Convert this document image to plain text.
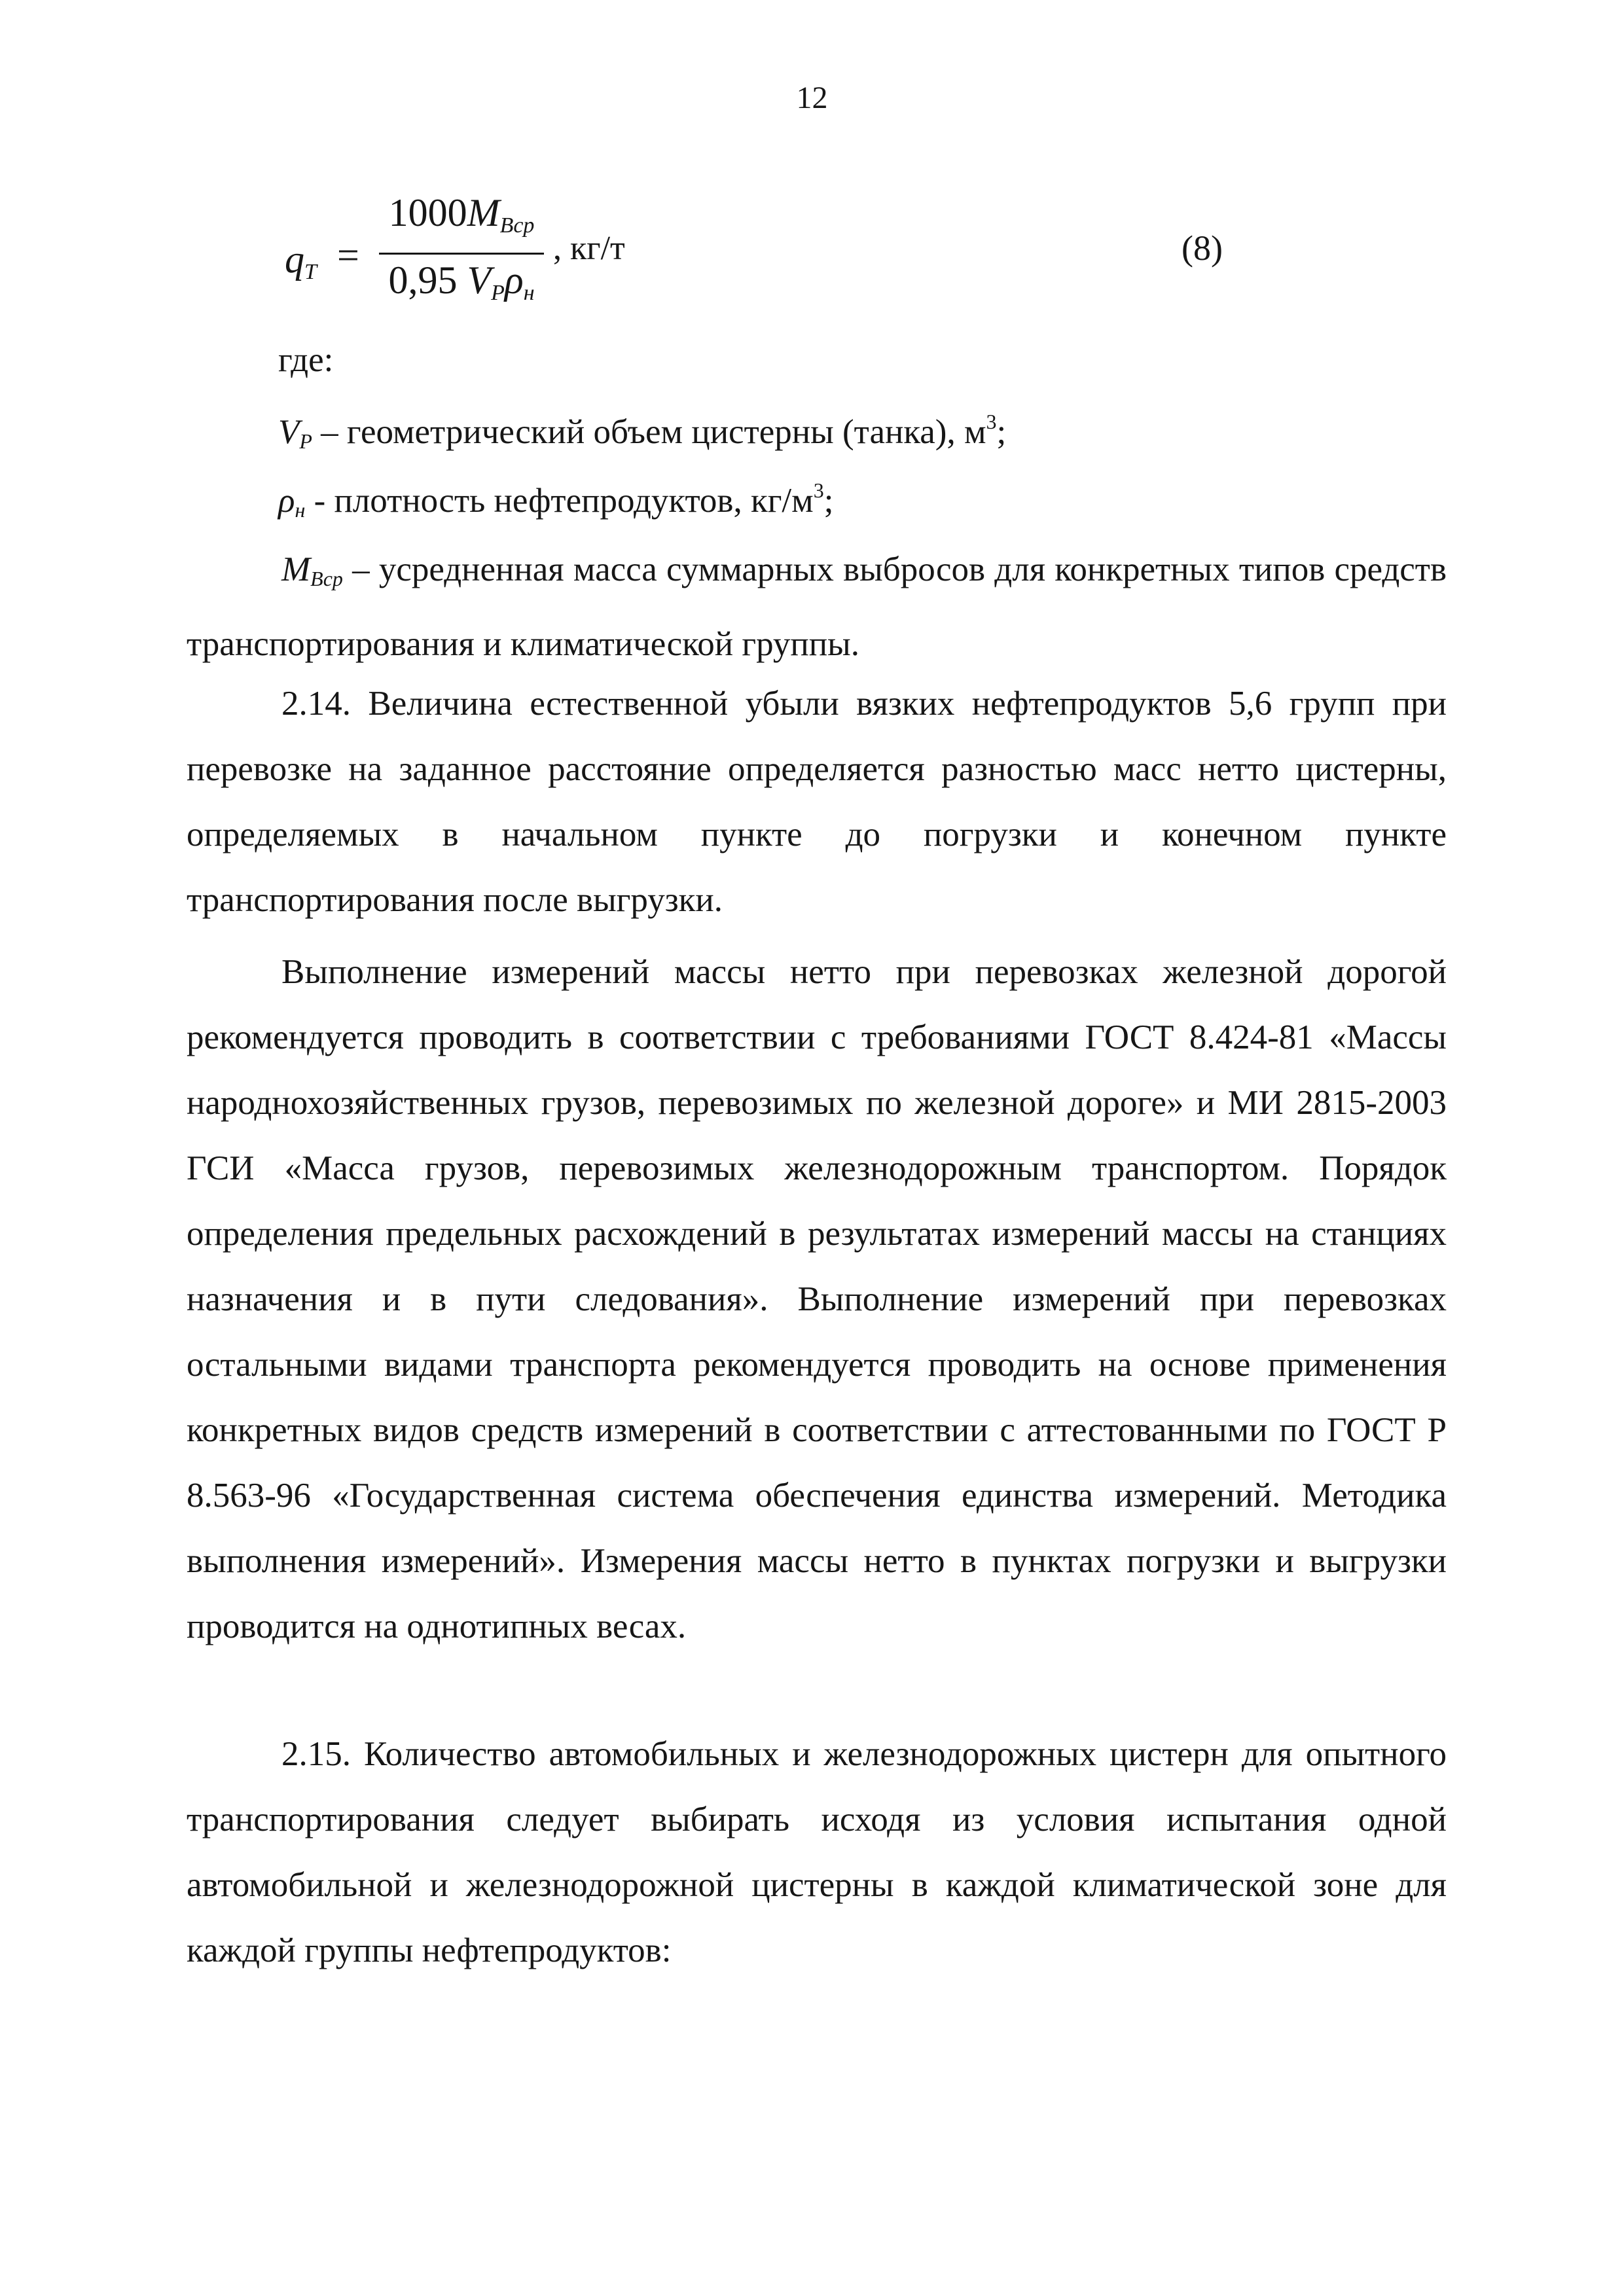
12
$q_T$ =
$1000M_{Bcp}$
0,95 $V_P\rho_н$
, кг/т	(8)
где:
$V_P$ – геометрический объем цистерны (танка), $м^3$;
$\rho_н$ - плотность нефтепродуктов, $кг/м^3$;
$M_{Bcp}$ – усредненная масса суммарных выбросов для конкретных типов средств транспортирования и климатической группы.
2.14. Величина естественной убыли вязких нефтепродуктов 5,6 групп при перевозке на заданное расстояние определяется разностью масс нетто цистерны, определяемых в начальном пункте до погрузки и конечном пункте транспортирования после выгрузки.
Выполнение измерений массы нетто при перевозках железной дорогой рекомендуется проводить в соответствии с требованиями ГОСТ 8.424-81 «Массы народнохозяйственных грузов, перевозимых по железной дороге» и МИ 2815-2003 ГСИ «Масса грузов, перевозимых железнодорожным транспортом. Порядок определения предельных расхождений в результатах измерений массы на станциях назначения и в пути следования». Выполнение измерений при перевозках остальными видами транспорта рекомендуется проводить на основе применения конкретных видов средств измерений в соответствии с аттестованными по ГОСТ Р 8.563-96 «Государственная система обеспечения единства измерений. Методика выполнения измерений». Измерения массы нетто в пунктах погрузки и выгрузки проводится на однотипных весах.
2.15. Количество автомобильных и железнодорожных цистерн для опытного транспортирования следует выбирать исходя из условия испытания одной автомобильной и железнодорожной цистерны в каждой климатической зоне для каждой группы нефтепродуктов:
